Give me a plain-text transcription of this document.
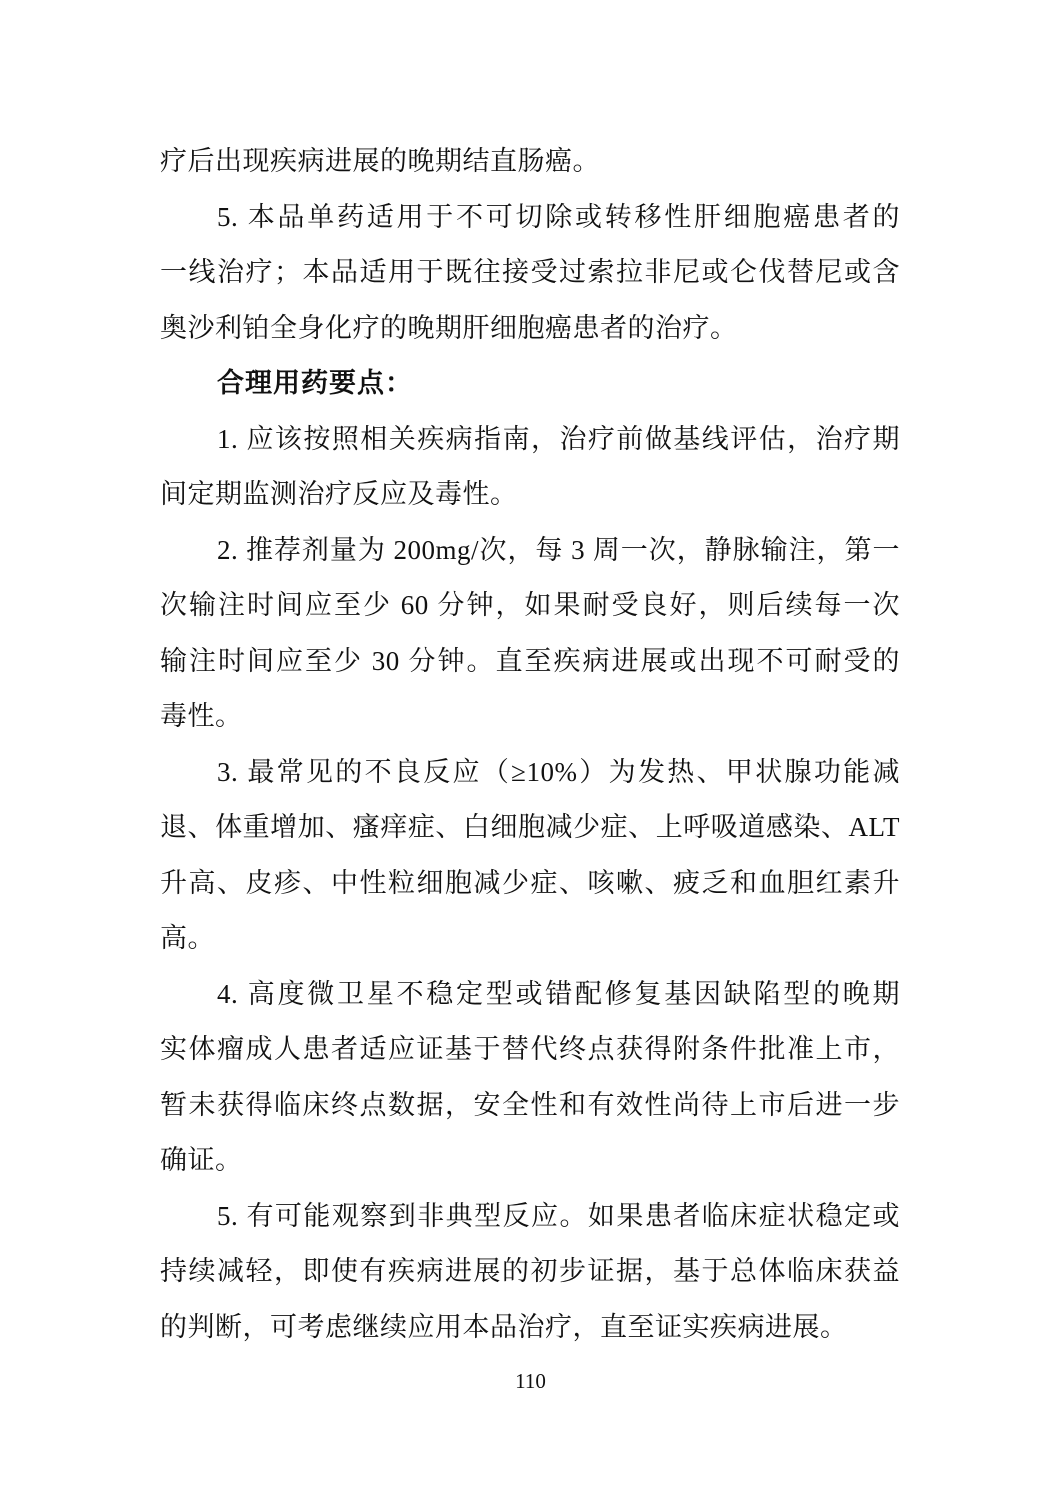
疗后出现疾病进展的晚期结直肠癌。
5. 本品单药适用于不可切除或转移性肝细胞癌患者的
一线治疗；本品适用于既往接受过索拉非尼或仑伐替尼或含
奥沙利铂全身化疗的晚期肝细胞癌患者的治疗。
合理用药要点：
1. 应该按照相关疾病指南，治疗前做基线评估，治疗期
间定期监测治疗反应及毒性。
2. 推荐剂量为 200mg/次，每 3 周一次，静脉输注，第一
次输注时间应至少 60 分钟，如果耐受良好，则后续每一次
输注时间应至少 30 分钟。直至疾病进展或出现不可耐受的
毒性。
3. 最常见的不良反应（≥10%）为发热、甲状腺功能减
退、体重增加、瘙痒症、白细胞减少症、上呼吸道感染、ALT
升高、皮疹、中性粒细胞减少症、咳嗽、疲乏和血胆红素升
高。
4. 高度微卫星不稳定型或错配修复基因缺陷型的晚期
实体瘤成人患者适应证基于替代终点获得附条件批准上市，
暂未获得临床终点数据，安全性和有效性尚待上市后进一步
确证。
5. 有可能观察到非典型反应。如果患者临床症状稳定或
持续减轻，即使有疾病进展的初步证据，基于总体临床获益
的判断，可考虑继续应用本品治疗，直至证实疾病进展。
110
